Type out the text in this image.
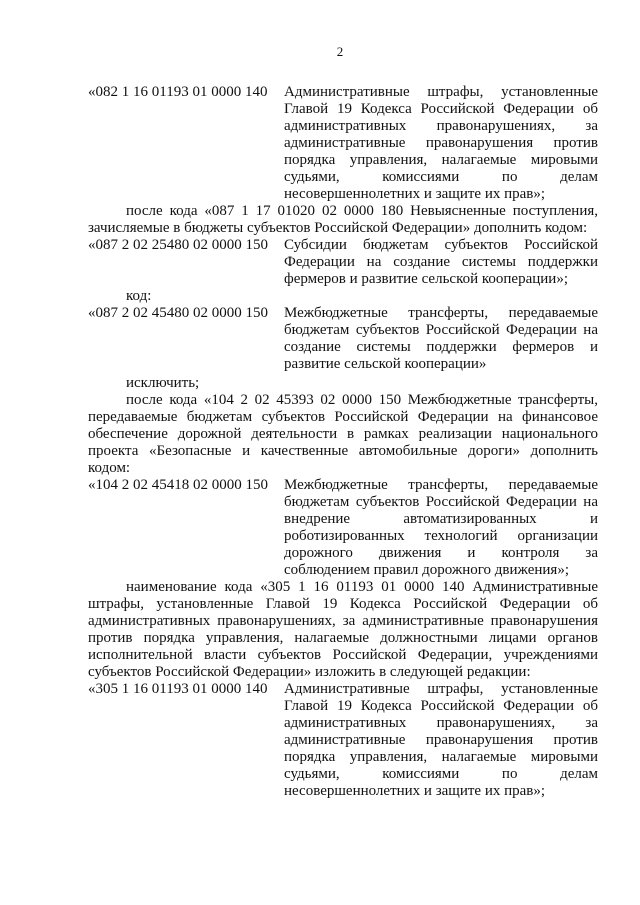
2
«082 1 16 01193 01 0000 140	Административные штрафы, установленные Главой 19 Кодекса Российской Федерации об административных правонарушениях, за административные правонарушения против порядка управления, налагаемые мировыми судьями, комиссиями по делам несовершеннолетних и защите их прав»;

после кода «087 1 17 01020 02 0000 180 Невыясненные поступления, зачисляемые в бюджеты субъектов Российской Федерации» дополнить кодом:

«087 2 02 25480 02 0000 150	Субсидии бюджетам субъектов Российской Федерации на создание системы поддержки фермеров и развитие сельской кооперации»;

код:

«087 2 02 45480 02 0000 150	Межбюджетные трансферты, передаваемые бюджетам субъектов Российской Федерации на создание системы поддержки фермеров и развитие сельской кооперации»

исключить;

после кода «104 2 02 45393 02 0000 150 Межбюджетные трансферты, передаваемые бюджетам субъектов Российской Федерации на финансовое обеспечение дорожной деятельности в рамках реализации национального проекта «Безопасные и качественные автомобильные дороги» дополнить кодом:

«104 2 02 45418 02 0000 150	Межбюджетные трансферты, передаваемые бюджетам субъектов Российской Федерации на внедрение автоматизированных и роботизированных технологий организации дорожного движения и контроля за соблюдением правил дорожного движения»;

наименование кода «305 1 16 01193 01 0000 140 Административные штрафы, установленные Главой 19 Кодекса Российской Федерации об административных правонарушениях, за административные правонарушения против порядка управления, налагаемые должностными лицами органов исполнительной власти субъектов Российской Федерации, учреждениями субъектов Российской Федерации» изложить в следующей редакции:

«305 1 16 01193 01 0000 140	Административные штрафы, установленные Главой 19 Кодекса Российской Федерации об административных правонарушениях, за административные правонарушения против порядка управления, налагаемые мировыми судьями, комиссиями по делам несовершеннолетних и защите их прав»;
